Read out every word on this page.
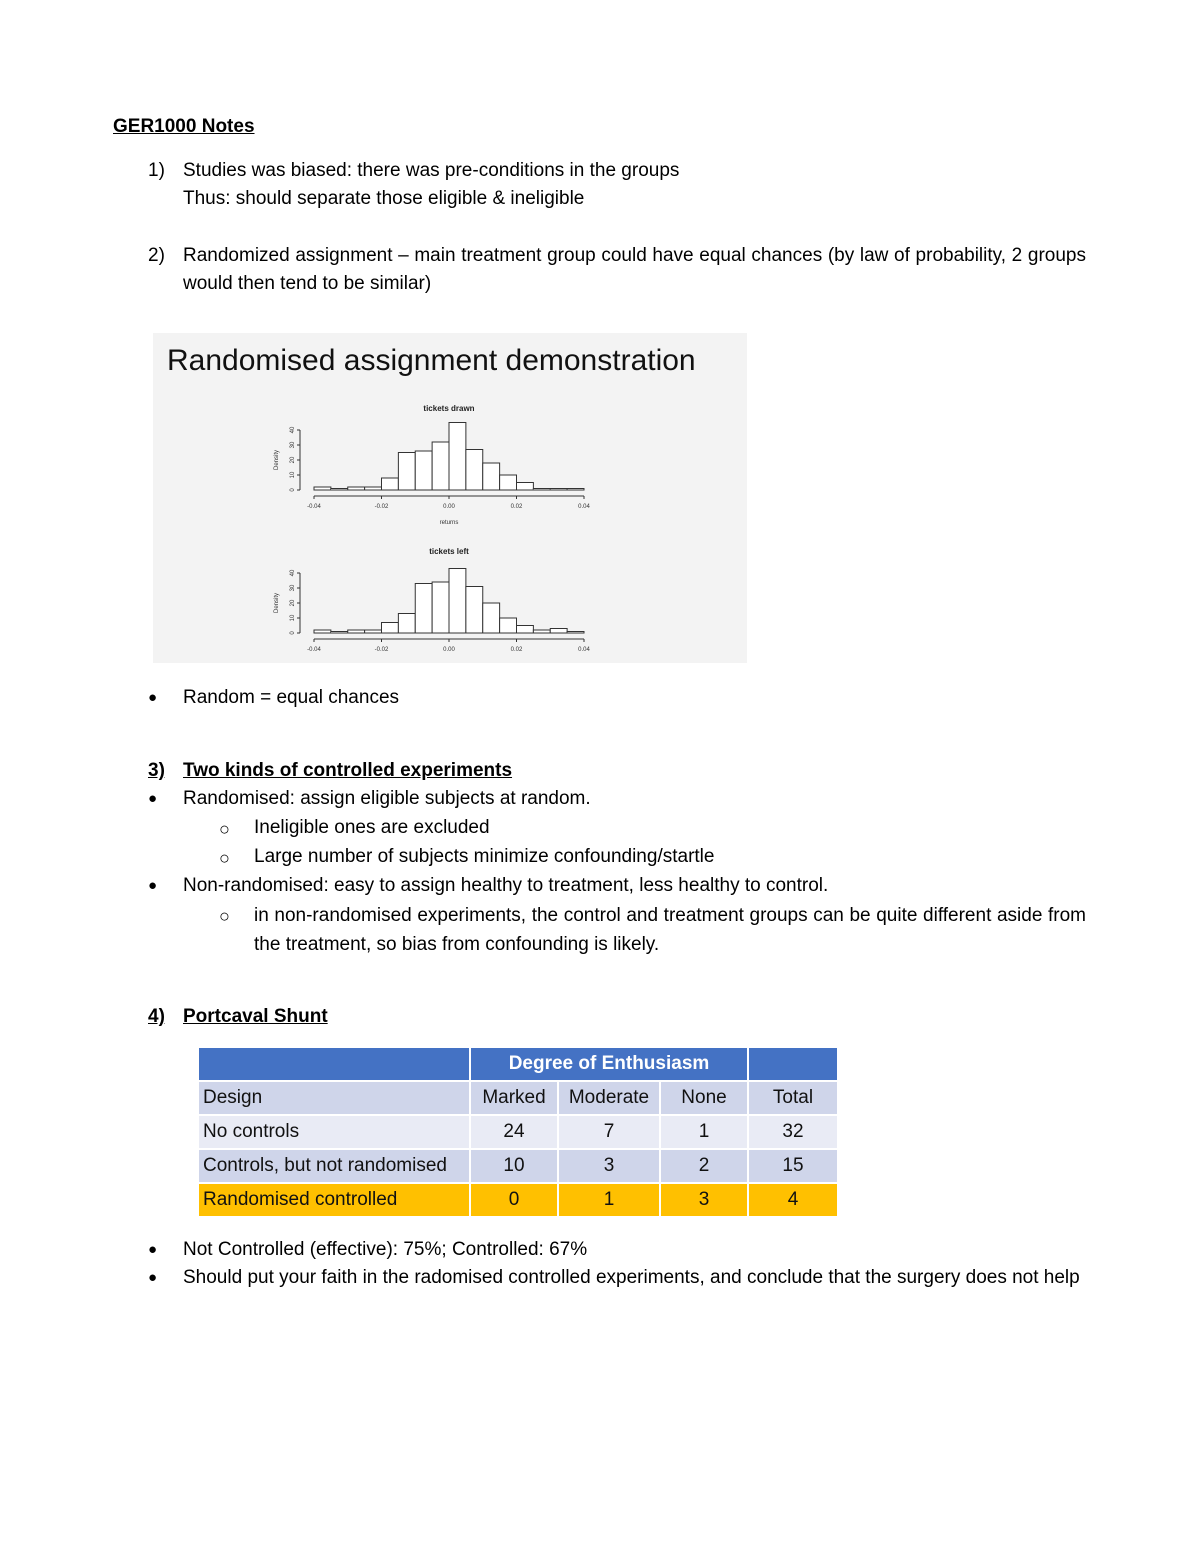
GER1000 Notes
1) Studies was biased: there was pre-conditions in the groups
Thus: should separate those eligible & ineligible
2) Randomized assignment – main treatment group could have equal chances (by law of probability, 2 groups would then tend to be similar)
Randomised assignment demonstration
tickets drawn
-0.04	-0.02	0.00	0.02	0.04
returns
0
10
20
30
40
Density
tickets left
-0.04	-0.02	0.00	0.02	0.04
0
10
20
30
40
Density
● Random = equal chances
3) Two kinds of controlled experiments
● Randomised: assign eligible subjects at random.
○ Ineligible ones are excluded
○ Large number of subjects minimize confounding/startle
● Non-randomised: easy to assign healthy to treatment, less healthy to control.
○ in non-randomised experiments, the control and treatment groups can be quite different aside from the treatment, so bias from confounding is likely.
4) Portcaval Shunt
	Degree of Enthusiasm			
Design	Marked	Moderate	None	Total
No controls	24	7	1	32
Controls, but not randomised	10	3	2	15
Randomised controlled	0	1	3	4
● Not Controlled (effective): 75%; Controlled: 67%
● Should put your faith in the radomised controlled experiments, and conclude that the surgery does not help
